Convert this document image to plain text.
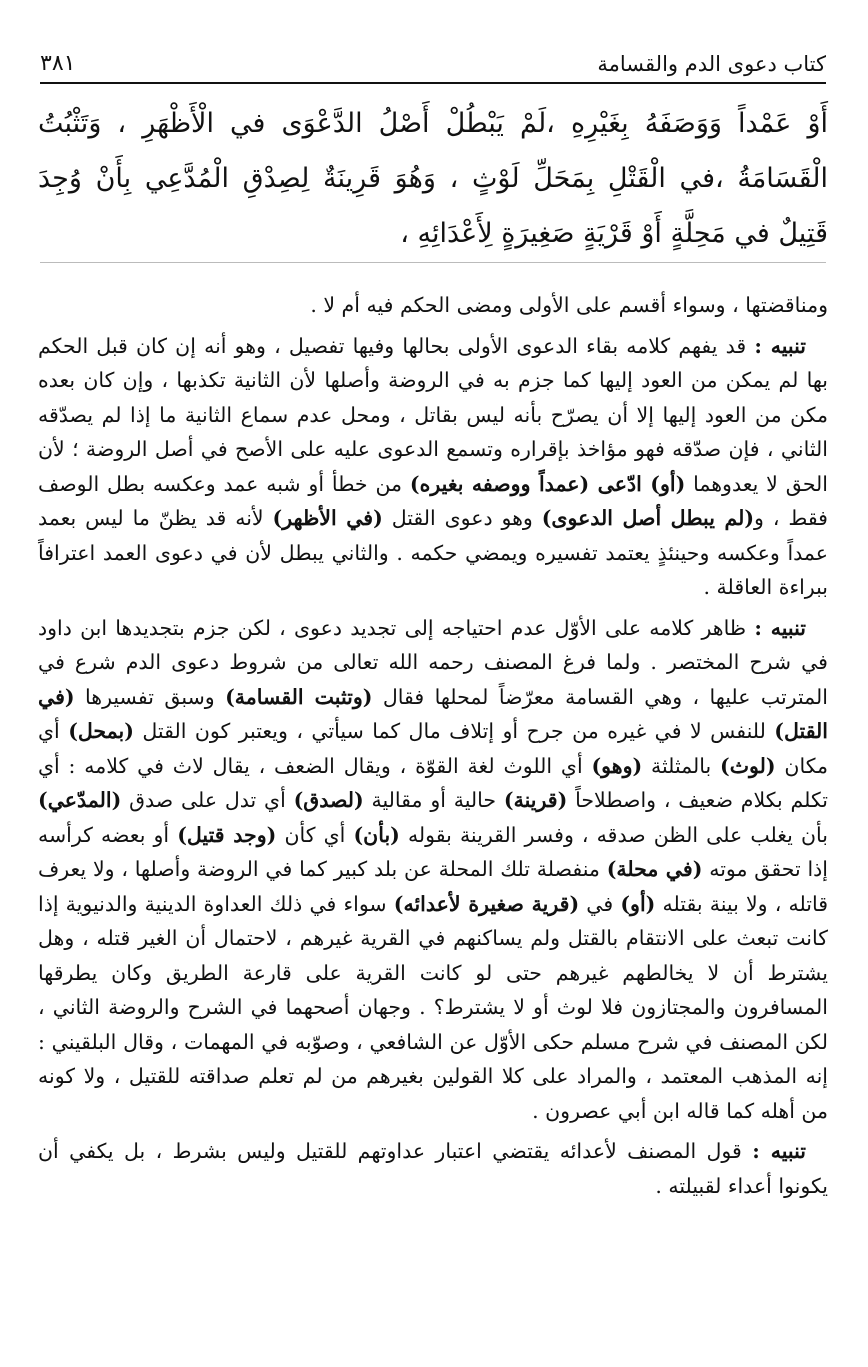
كتاب دعوى الدم والقسامة
٣٨١
أَوْ عَمْداً وَوَصَفَهُ بِغَيْرِهِ ،لَمْ يَبْطُلْ أَصْلُ الدَّعْوَى في الْأَظْهَرِ ، وَتَثْبُتُ الْقَسَامَةُ ،في الْقَتْلِ بِمَحَلِّ لَوْثٍ ، وَهُوَ قَرِينَةٌ لِصِدْقِ الْمُدَّعِي بِأَنْ وُجِدَ قَتِيلٌ في مَحِلَّةٍ أَوْ قَرْيَةٍ صَغِيرَةٍ لِأَعْدَائِهِ ،

ومناقضتها ، وسواء أقسم على الأولى ومضى الحكم فيه أم لا .

تنبيه : قد يفهم كلامه بقاء الدعوى الأولى بحالها وفيها تفصيل ، وهو أنه إن كان قبل الحكم بها لم يمكن من العود إليها كما جزم به في الروضة وأصلها لأن الثانية تكذبها ، وإن كان بعده مكن من العود إليها إلا أن يصرّح بأنه ليس بقاتل ، ومحل عدم سماع الثانية ما إذا لم يصدّقه الثاني ، فإن صدّقه فهو مؤاخذ بإقراره وتسمع الدعوى عليه على الأصح في أصل الروضة ؛ لأن الحق لا يعدوهما (أو) ادّعى (عمداً ووصفه بغيره) من خطأ أو شبه عمد وعكسه بطل الوصف فقط ، و(لم يبطل أصل الدعوى) وهو دعوى القتل (في الأظهر) لأنه قد يظنّ ما ليس بعمد عمداً وعكسه وحينئذٍ يعتمد تفسيره ويمضي حكمه . والثاني يبطل لأن في دعوى العمد اعترافاً ببراءة العاقلة .

تنبيه : ظاهر كلامه على الأوّل عدم احتياجه إلى تجديد دعوى ، لكن جزم بتجديدها ابن داود في شرح المختصر . ولما فرغ المصنف رحمه الله تعالى من شروط دعوى الدم شرع في المترتب عليها ، وهي القسامة معرّضاً لمحلها فقال (وتثبت القسامة) وسبق تفسيرها (في القتل) للنفس لا في غيره من جرح أو إتلاف مال كما سيأتي ، ويعتبر كون القتل (بمحل) أي مكان (لوث) بالمثلثة (وهو) أي اللوث لغة القوّة ، ويقال الضعف ، يقال لاث في كلامه : أي تكلم بكلام ضعيف ، واصطلاحاً (قرينة) حالية أو مقالية (لصدق) أي تدل على صدق (المدّعي) بأن يغلب على الظن صدقه ، وفسر القرينة بقوله (بأن) أي كأن (وجد قتيل) أو بعضه كرأسه إذا تحقق موته (في محلة) منفصلة تلك المحلة عن بلد كبير كما في الروضة وأصلها ، ولا يعرف قاتله ، ولا بينة بقتله (أو) في (قرية صغيرة لأعدائه) سواء في ذلك العداوة الدينية والدنيوية إذا كانت تبعث على الانتقام بالقتل ولم يساكنهم في القرية غيرهم ، لاحتمال أن الغير قتله ، وهل يشترط أن لا يخالطهم غيرهم حتى لو كانت القرية على قارعة الطريق وكان يطرقها المسافرون والمجتازون فلا لوث أو لا يشترط؟ . وجهان أصحهما في الشرح والروضة الثاني ، لكن المصنف في شرح مسلم حكى الأوّل عن الشافعي ، وصوّبه في المهمات ، وقال البلقيني : إنه المذهب المعتمد ، والمراد على كلا القولين بغيرهم من لم تعلم صداقته للقتيل ، ولا كونه من أهله كما قاله ابن أبي عصرون .

تنبيه : قول المصنف لأعدائه يقتضي اعتبار عداوتهم للقتيل وليس بشرط ، بل يكفي أن يكونوا أعداء لقبيلته .
